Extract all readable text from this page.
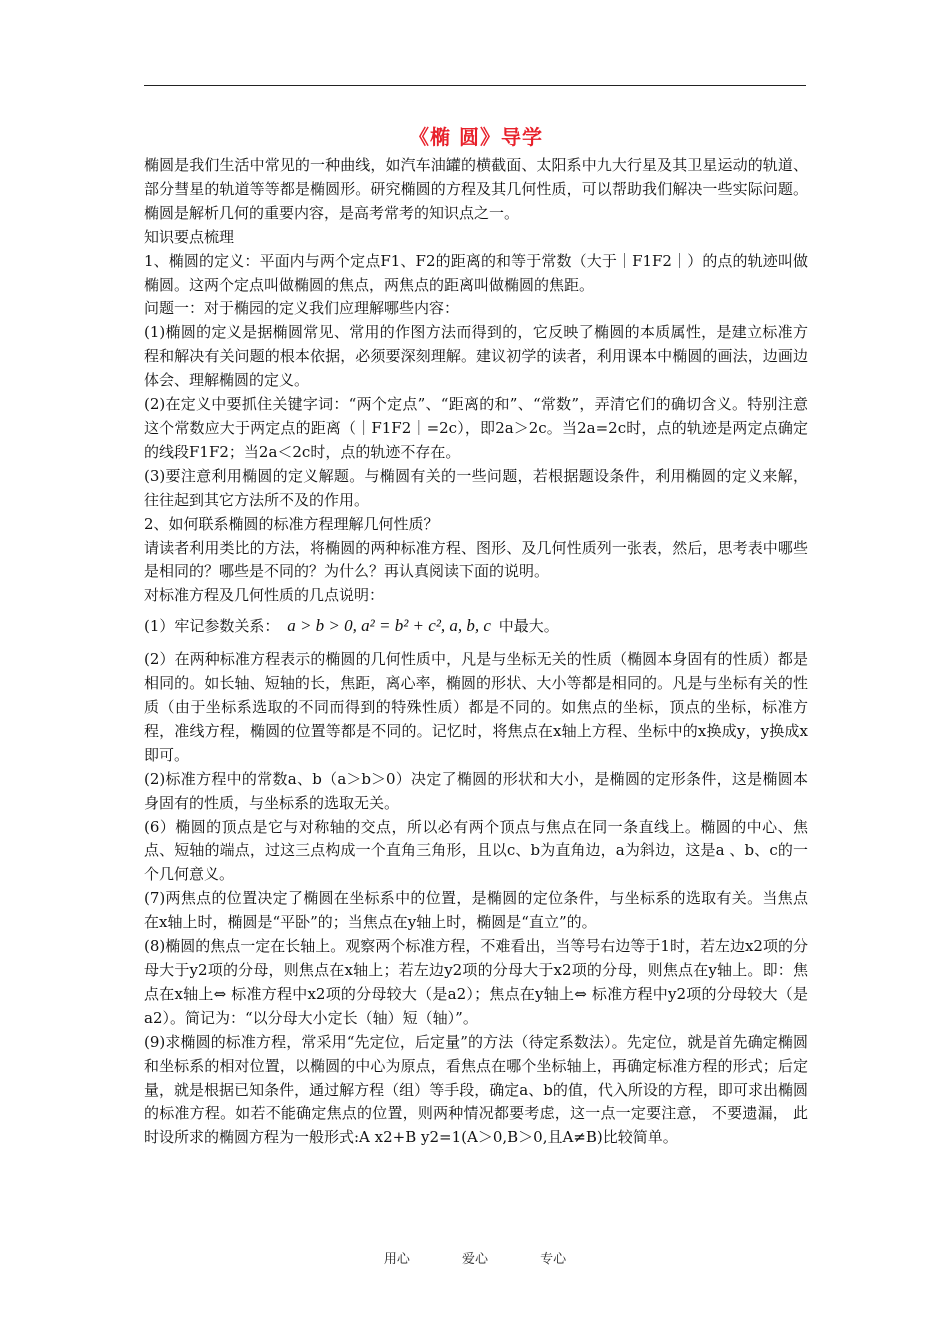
《椭 圆》导学

椭圆是我们生活中常见的一种曲线，如汽车油罐的横截面、太阳系中九大行星及其卫星运动的轨道、部分彗星的轨道等等都是椭圆形。研究椭圆的方程及其几何性质，可以帮助我们解决一些实际问题。椭圆是解析几何的重要内容，是高考常考的知识点之一。

知识要点梳理

1、椭圆的定义：平面内与两个定点F1、F2的距离的和等于常数（大于｜F1F2｜）的点的轨迹叫做椭圆。这两个定点叫做椭圆的焦点，两焦点的距离叫做椭圆的焦距。

问题一：对于椭园的定义我们应理解哪些内容：

(1)椭圆的定义是据椭圆常见、常用的作图方法而得到的，它反映了椭圆的本质属性，是建立标准方程和解决有关问题的根本依据，必须要深刻理解。建议初学的读者，利用课本中椭圆的画法，边画边体会、理解椭圆的定义。

(2)在定义中要抓住关键字词：“两个定点”、“距离的和”、“常数”，弄清它们的确切含义。特别注意这个常数应大于两定点的距离（｜F1F2｜=2c），即2a＞2c。当2a=2c时，点的轨迹是两定点确定的线段F1F2；当2a＜2c时，点的轨迹不存在。

(3)要注意利用椭圆的定义解题。与椭圆有关的一些问题，若根据题设条件，利用椭圆的定义来解，往往起到其它方法所不及的作用。

2、如何联系椭圆的标准方程理解几何性质？

请读者利用类比的方法，将椭圆的两种标准方程、图形、及几何性质列一张表，然后，思考表中哪些是相同的？哪些是不同的？为什么？再认真阅读下面的说明。

对标准方程及几何性质的几点说明：

(1）牢记参数关系： a > b > 0, a² = b² + c², a, b, c 中最大。

(2）在两种标准方程表示的椭圆的几何性质中，凡是与坐标无关的性质（椭圆本身固有的性质）都是相同的。如长轴、短轴的长，焦距，离心率，椭圆的形状、大小等都是相同的。凡是与坐标有关的性质（由于坐标系选取的不同而得到的特殊性质）都是不同的。如焦点的坐标，顶点的坐标，标准方程，准线方程，椭圆的位置等都是不同的。记忆时，将焦点在x轴上方程、坐标中的x换成y，y换成x即可。

(2)标准方程中的常数a、b（a＞b＞0）决定了椭圆的形状和大小，是椭圆的定形条件，这是椭圆本身固有的性质，与坐标系的选取无关。

(6）椭圆的顶点是它与对称轴的交点，所以必有两个顶点与焦点在同一条直线上。椭圆的中心、焦点、短轴的端点，过这三点构成一个直角三角形，且以c、b为直角边，a为斜边，这是a 、b、c的一个几何意义。

(7)两焦点的位置决定了椭圆在坐标系中的位置，是椭圆的定位条件，与坐标系的选取有关。当焦点在x轴上时，椭圆是“平卧”的；当焦点在y轴上时，椭圆是“直立”的。

(8)椭圆的焦点一定在长轴上。观察两个标准方程，不难看出，当等号右边等于1时，若左边x2项的分母大于y2项的分母，则焦点在x轴上；若左边y2项的分母大于x2项的分母，则焦点在y轴上。即：焦点在x轴上⇔ 标准方程中x2项的分母较大（是a2）；焦点在y轴上⇔ 标准方程中y2项的分母较大（是a2）。简记为：“以分母大小定长（轴）短（轴）”。

(9)求椭圆的标准方程，常采用“先定位，后定量”的方法（待定系数法）。先定位，就是首先确定椭圆和坐标系的相对位置，以椭圆的中心为原点，看焦点在哪个坐标轴上，再确定标准方程的形式；后定量，就是根据已知条件，通过解方程（组）等手段，确定a、b的值，代入所设的方程，即可求出椭圆的标准方程。如若不能确定焦点的位置，则两种情况都要考虑，这一点一定要注意， 不要遗漏， 此时设所求的椭圆方程为一般形式:A x2+B y2=1(A＞0,B＞0,且A≠B)比较简单。

用心	爱心	专心
